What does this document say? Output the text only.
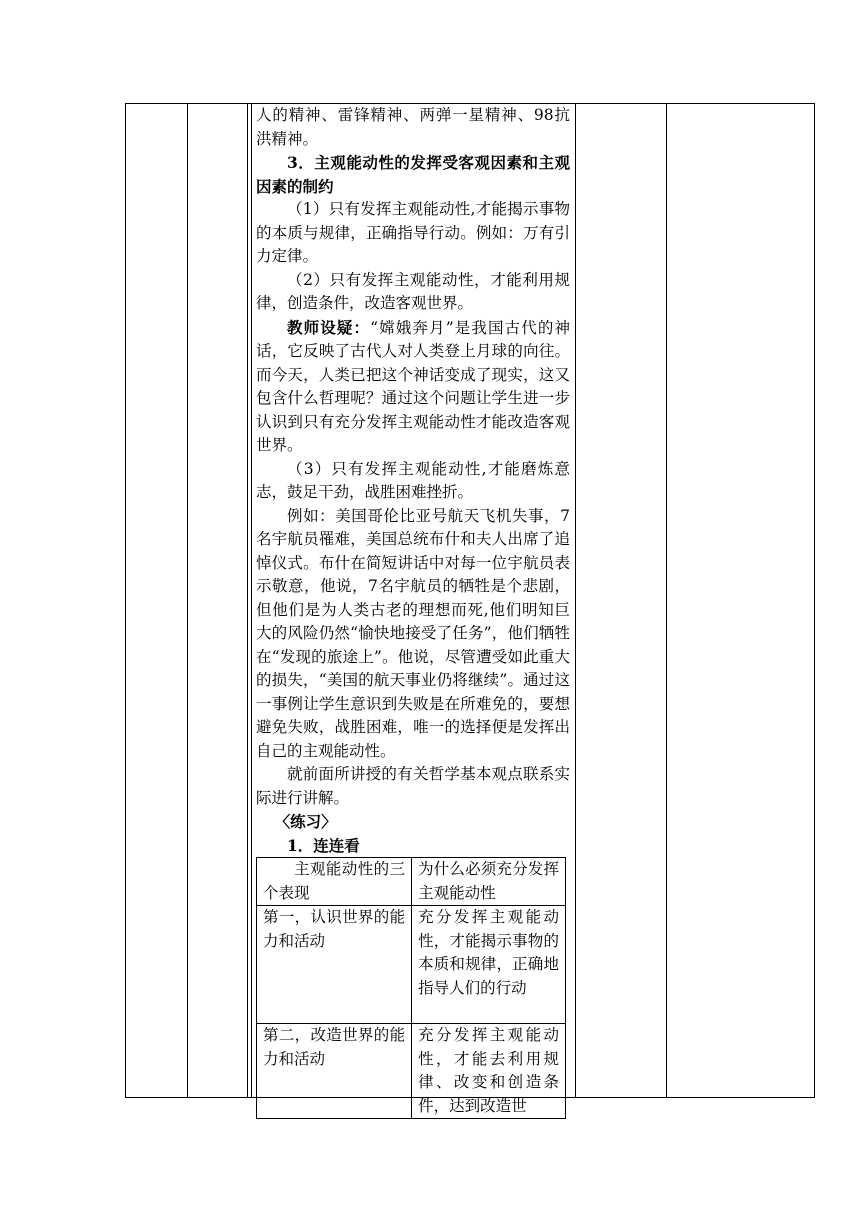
人的精神、雷锋精神、两弹一星精神、98抗洪精神。

3．主观能动性的发挥受客观因素和主观因素的制约

（1）只有发挥主观能动性,才能揭示事物的本质与规律，正确指导行动。例如：万有引力定律。

（2）只有发挥主观能动性，才能利用规律，创造条件，改造客观世界。

教师设疑：“嫦娥奔月”是我国古代的神话，它反映了古代人对人类登上月球的向往。而今天，人类已把这个神话变成了现实，这又包含什么哲理呢？通过这个问题让学生进一步认识到只有充分发挥主观能动性才能改造客观世界。

（3）只有发挥主观能动性,才能磨炼意志，鼓足干劲，战胜困难挫折。

例如：美国哥伦比亚号航天飞机失事，7名宇航员罹难，美国总统布什和夫人出席了追悼仪式。布什在简短讲话中对每一位宇航员表示敬意，他说，7名宇航员的牺牲是个悲剧，但他们是为人类古老的理想而死,他们明知巨大的风险仍然“愉快地接受了任务”，他们牺牲在“发现的旅途上”。他说，尽管遭受如此重大的损失，“美国的航天事业仍将继续”。通过这一事例让学生意识到失败是在所难免的，要想避免失败，战胜困难，唯一的选择便是发挥出自己的主观能动性。

就前面所讲授的有关哲学基本观点联系实际进行讲解。

〈练习〉

1．连连看

主观能动性的三个表现	为什么必须充分发挥主观能动性
第一，认识世界的能力和活动	充分发挥主观能动性，才能揭示事物的本质和规律，正确地指导人们的行动
第二，改造世界的能力和活动	充分发挥主观能动性，才能去利用规律、改变和创造条件，达到改造世
